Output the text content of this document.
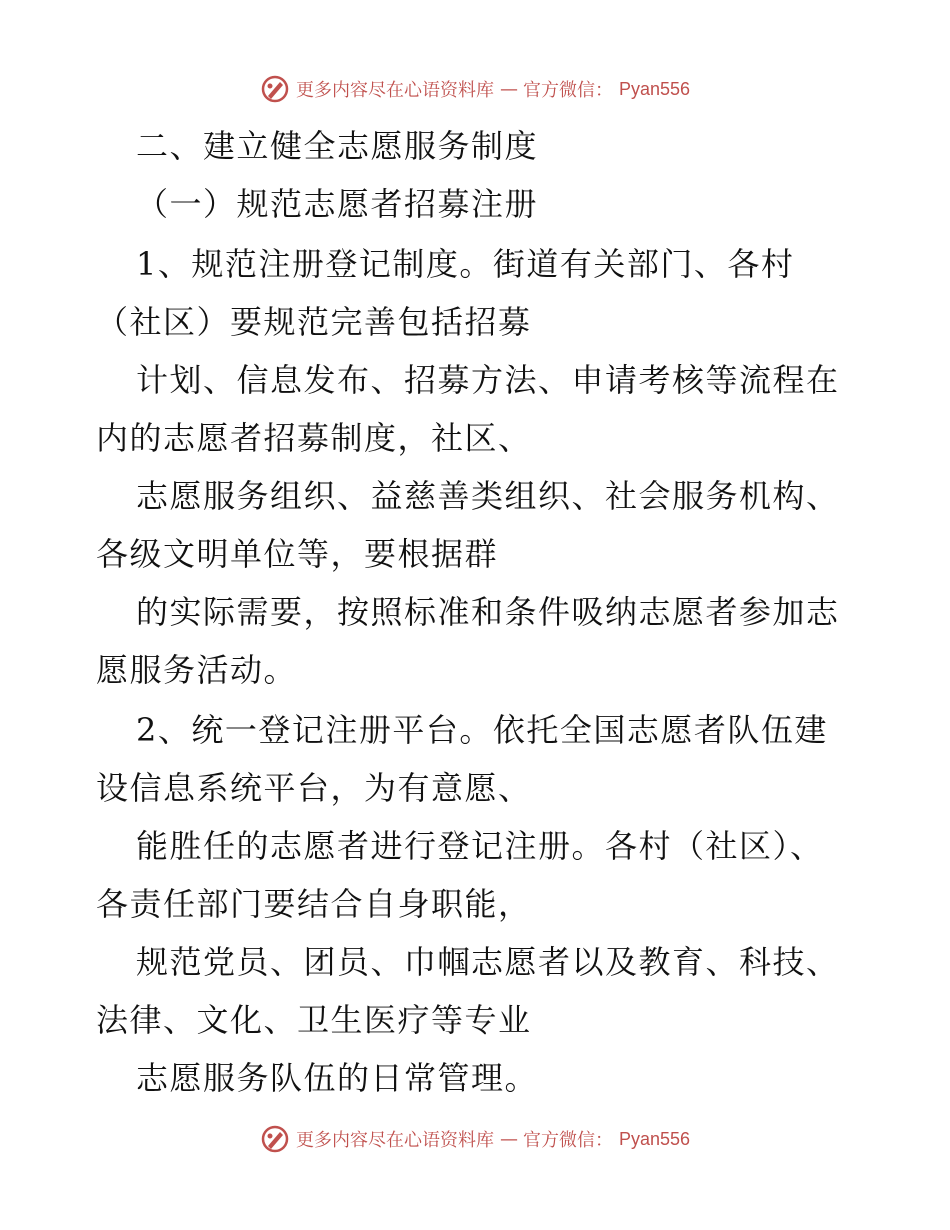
更多内容尽在心语资料库 — 官方微信： Pyan556
二、建立健全志愿服务制度
（一）规范志愿者招募注册
1、规范注册登记制度。街道有关部门、各村
（社区）要规范完善包括招募
计划、信息发布、招募方法、申请考核等流程在
内的志愿者招募制度，社区、
志愿服务组织、益慈善类组织、社会服务机构、
各级文明单位等，要根据群
的实际需要，按照标准和条件吸纳志愿者参加志
愿服务活动。
2、统一登记注册平台。依托全国志愿者队伍建
设信息系统平台，为有意愿、
能胜任的志愿者进行登记注册。各村（社区）、
各责任部门要结合自身职能，
规范党员、团员、巾帼志愿者以及教育、科技、
法律、文化、卫生医疗等专业
志愿服务队伍的日常管理。
更多内容尽在心语资料库 — 官方微信： Pyan556
